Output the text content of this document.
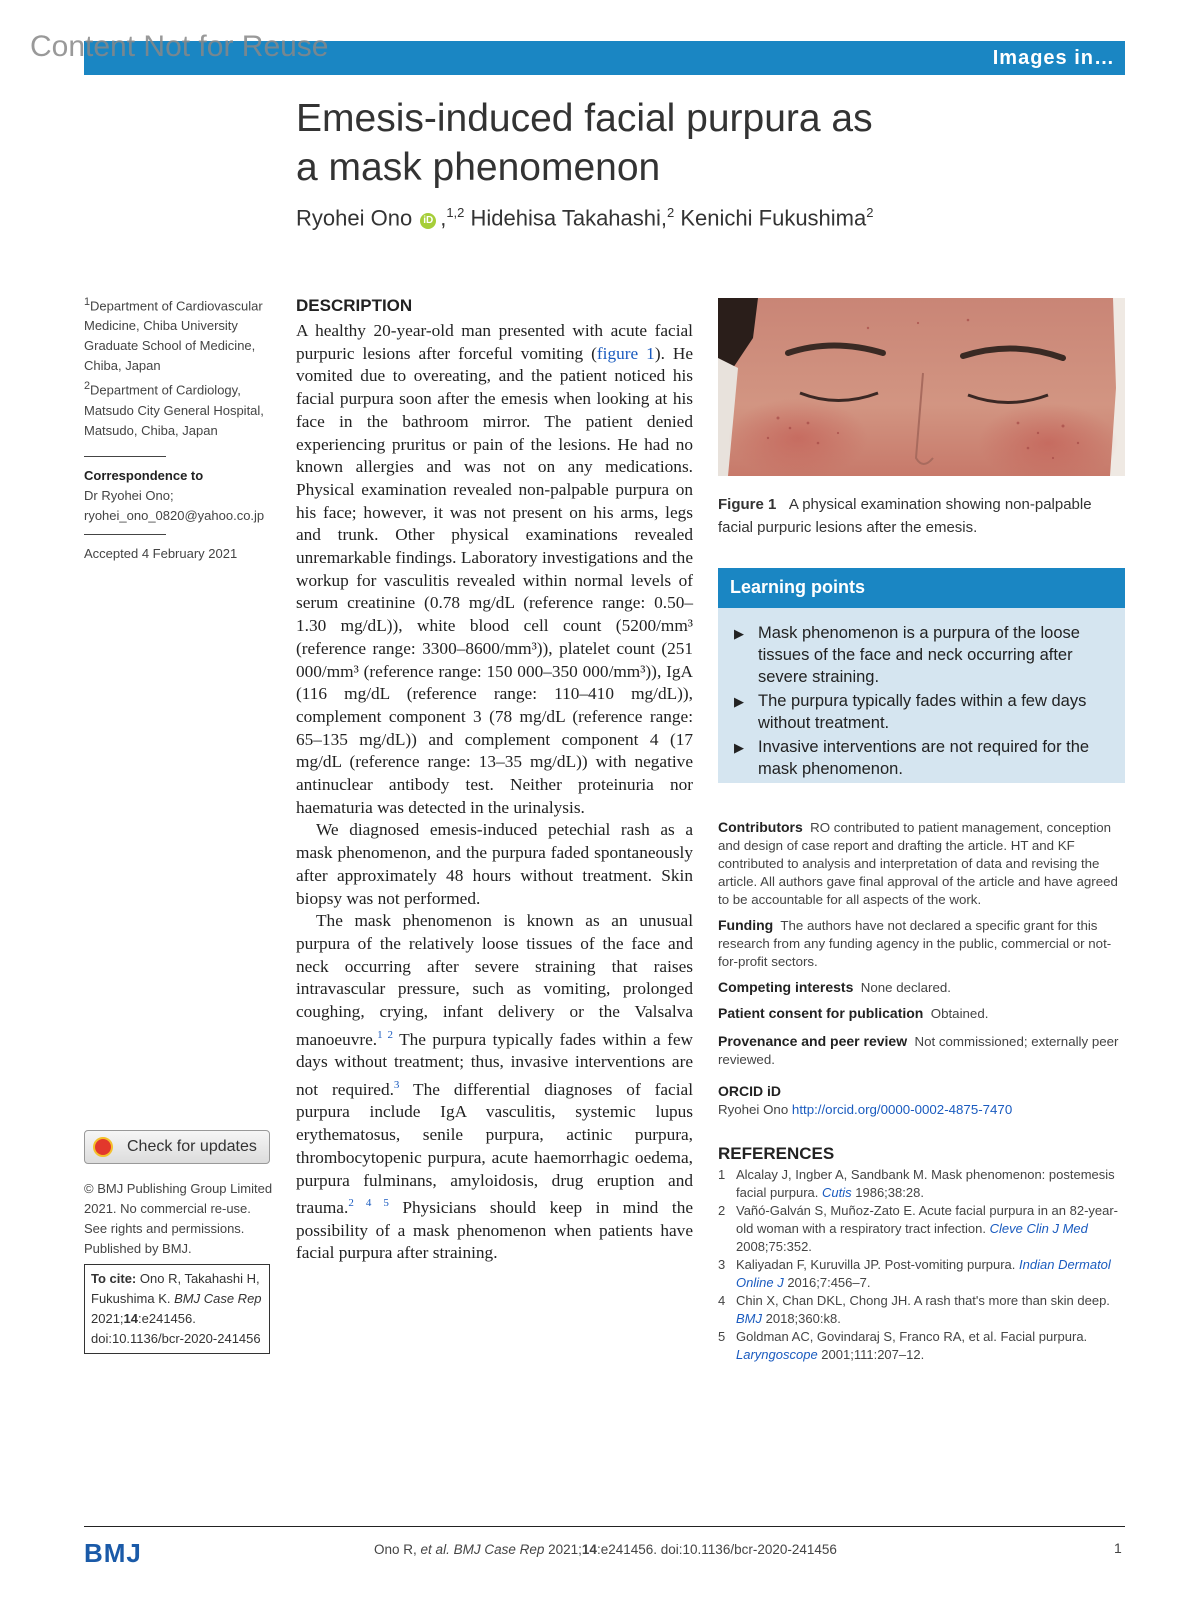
Content Not for Reuse	Images in…
Emesis-induced facial purpura as a mask phenomenon
Ryohei Ono iD ,$^{1,2}$ Hidehisa Takahashi,$^2$ Kenichi Fukushima$^2$
$^1$Department of Cardiovascular Medicine, Chiba University Graduate School of Medicine, Chiba, Japan
$^2$Department of Cardiology, Matsudo City General Hospital, Matsudo, Chiba, Japan
Correspondence to
Dr Ryohei Ono;
ryohei_ono_0820@yahoo.co.jp
Accepted 4 February 2021
Check for updates
© BMJ Publishing Group Limited 2021. No commercial re-use. See rights and permissions. Published by BMJ.
To cite: Ono R, Takahashi H, Fukushima K. BMJ Case Rep 2021;14:e241456. doi:10.1136/bcr-2020-241456
DESCRIPTION

A healthy 20-year-old man presented with acute facial purpuric lesions after forceful vomiting (figure 1). He vomited due to overeating, and the patient noticed his facial purpura soon after the emesis when looking at his face in the bathroom mirror. The patient denied experiencing pruritus or pain of the lesions. He had no known allergies and was not on any medications. Physical examination revealed non-palpable purpura on his face; however, it was not present on his arms, legs and trunk. Other physical examinations revealed unremarkable findings. Laboratory investigations and the workup for vasculitis revealed within normal levels of serum creatinine (0.78 mg/dL (reference range: 0.50–1.30 mg/dL)), white blood cell count (5200/mm³ (reference range: 3300–8600/mm³)), platelet count (251 000/mm³ (reference range: 150 000–350 000/mm³)), IgA (116 mg/dL (reference range: 110–410 mg/dL)), complement component 3 (78 mg/dL (reference range: 65–135 mg/dL)) and complement component 4 (17 mg/dL (reference range: 13–35 mg/dL)) with negative antinuclear antibody test. Neither proteinuria nor haematuria was detected in the urinalysis.

We diagnosed emesis-induced petechial rash as a mask phenomenon, and the purpura faded spontaneously after approximately 48 hours without treatment. Skin biopsy was not performed.

The mask phenomenon is known as an unusual purpura of the relatively loose tissues of the face and neck occurring after severe straining that raises intravascular pressure, such as vomiting, prolonged coughing, crying, infant delivery or the Valsalva manoeuvre.$^{1 2}$ The purpura typically fades within a few days without treatment; thus, invasive interventions are not required.$^3$ The differential diagnoses of facial purpura include IgA vasculitis, systemic lupus erythematosus, senile purpura, actinic purpura, thrombocytopenic purpura, acute haemorrhagic oedema, purpura fulminans, amyloidosis, drug eruption and trauma.$^{2 4 5}$ Physicians should keep in mind the possibility of a mask phenomenon when patients have facial purpura after straining.

Figure 1 A physical examination showing non-palpable facial purpuric lesions after the emesis.
Learning points
▶ Mask phenomenon is a purpura of the loose tissues of the face and neck occurring after severe straining.
▶ The purpura typically fades within a few days without treatment.
▶ Invasive interventions are not required for the mask phenomenon.
Contributors RO contributed to patient management, conception and design of case report and drafting the article. HT and KF contributed to analysis and interpretation of data and revising the article. All authors gave final approval of the article and have agreed to be accountable for all aspects of the work.
Funding The authors have not declared a specific grant for this research from any funding agency in the public, commercial or not-for-profit sectors.
Competing interests None declared.
Patient consent for publication Obtained.
Provenance and peer review Not commissioned; externally peer reviewed.
ORCID iD
Ryohei Ono http://orcid.org/0000-0002-4875-7470
REFERENCES
1 Alcalay J, Ingber A, Sandbank M. Mask phenomenon: postemesis facial purpura. Cutis 1986;38:28.
2 Vañó-Galván S, Muñoz-Zato E. Acute facial purpura in an 82-year-old woman with a respiratory tract infection. Cleve Clin J Med 2008;75:352.
3 Kaliyadan F, Kuruvilla JP. Post-vomiting purpura. Indian Dermatol Online J 2016;7:456–7.
4 Chin X, Chan DKL, Chong JH. A rash that's more than skin deep. BMJ 2018;360:k8.
5 Goldman AC, Govindaraj S, Franco RA, et al. Facial purpura. Laryngoscope 2001;111:207–12.
BMJ	Ono R, et al. BMJ Case Rep 2021;14:e241456. doi:10.1136/bcr-2020-241456	1
